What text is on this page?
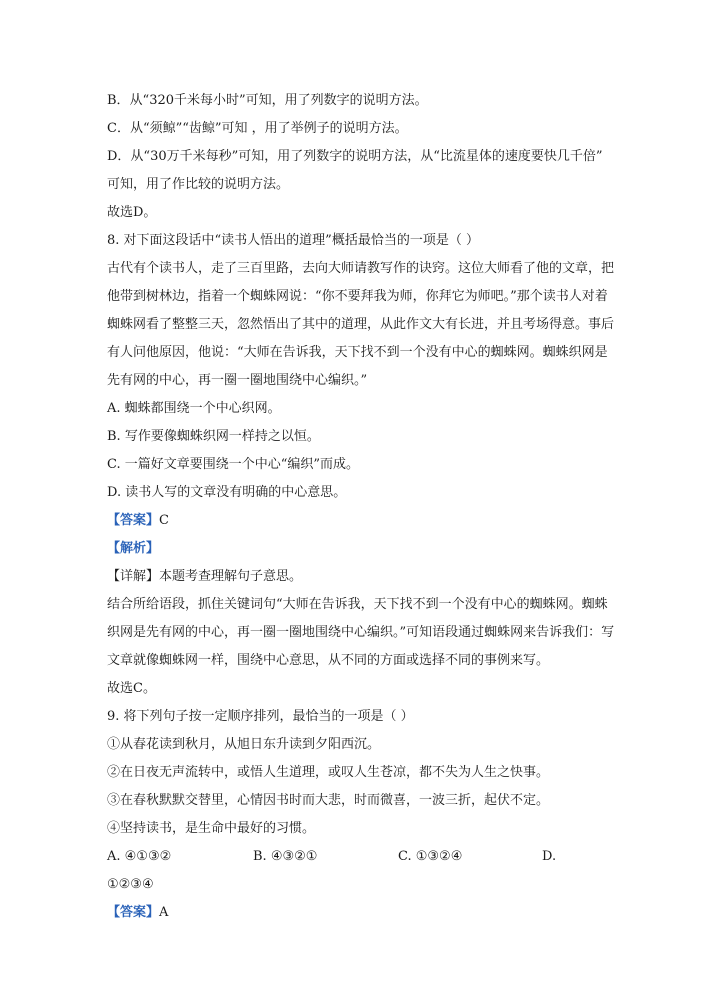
B．从“320千米每小时”可知，用了列数字的说明方法。
C．从“须鲸”“齿鲸”可知 ，用了举例子的说明方法。
D．从“30万千米每秒”可知，用了列数字的说明方法，从“比流星体的速度要快几千倍”
可知，用了作比较的说明方法。
故选D。
8. 对下面这段话中“读书人悟出的道理”概括最恰当的一项是（ ）
古代有个读书人，走了三百里路，去向大师请教写作的诀窍。这位大师看了他的文章，把
他带到树林边，指着一个蜘蛛网说：“你不要拜我为师，你拜它为师吧。”那个读书人对着
蜘蛛网看了整整三天，忽然悟出了其中的道理，从此作文大有长进，并且考场得意。事后
有人问他原因，他说：“大师在告诉我，天下找不到一个没有中心的蜘蛛网。蜘蛛织网是
先有网的中心，再一圈一圈地围绕中心编织。”
A. 蜘蛛都围绕一个中心织网。
B. 写作要像蜘蛛织网一样持之以恒。
C. 一篇好文章要围绕一个中心“编织”而成。
D. 读书人写的文章没有明确的中心意思。
【答案】C
【解析】
【详解】本题考查理解句子意思。
结合所给语段，抓住关键词句“大师在告诉我，天下找不到一个没有中心的蜘蛛网。蜘蛛
织网是先有网的中心，再一圈一圈地围绕中心编织。”可知语段通过蜘蛛网来告诉我们：写
文章就像蜘蛛网一样，围绕中心意思，从不同的方面或选择不同的事例来写。
故选C。
9. 将下列句子按一定顺序排列，最恰当的一项是（ ）
①从春花读到秋月，从旭日东升读到夕阳西沉。
②在日夜无声流转中，或悟人生道理，或叹人生苍凉，都不失为人生之快事。
③在春秋默默交替里，心情因书时而大悲，时而微喜，一波三折，起伏不定。
④坚持读书，是生命中最好的习惯。
A. ④①③②	B. ④③②①	C. ①③②④	D.
①②③④
【答案】A
